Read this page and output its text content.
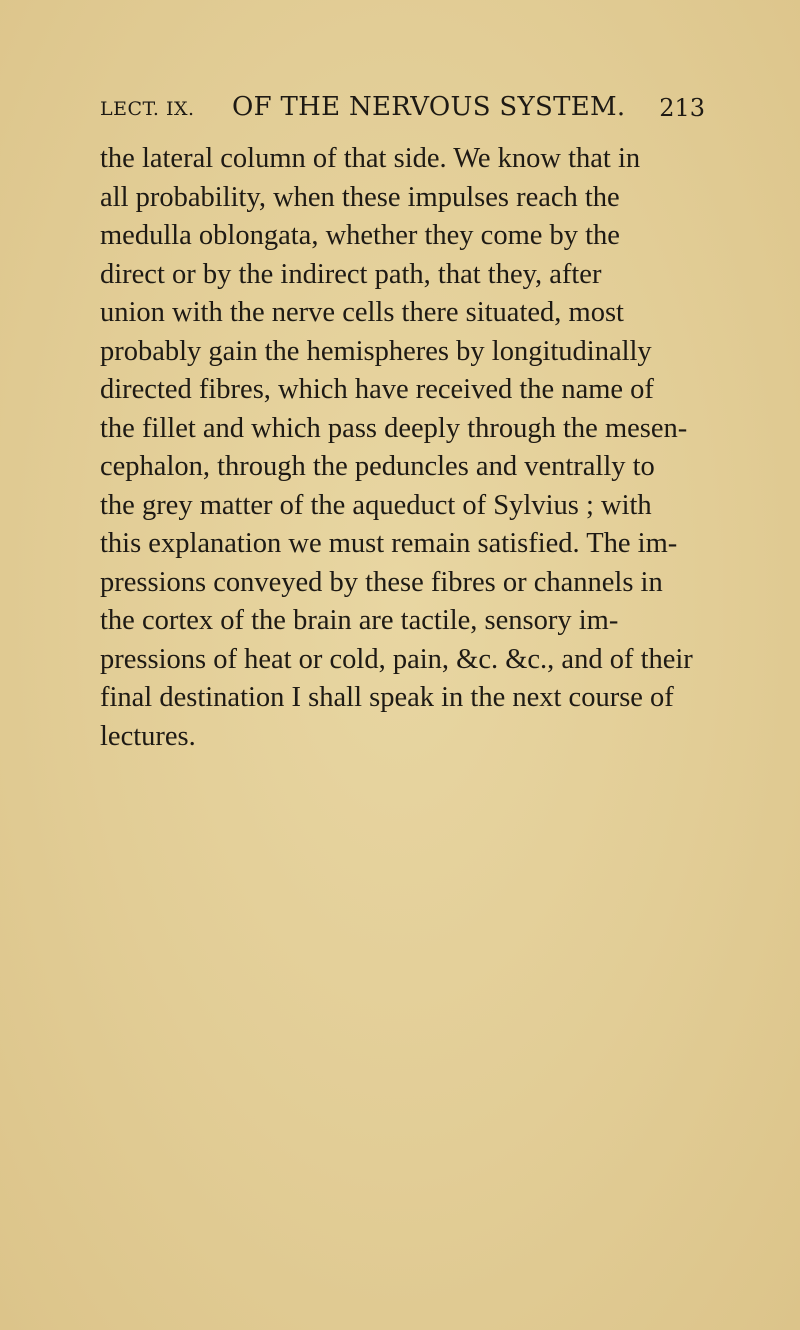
LECT. IX. OF THE NERVOUS SYSTEM. 213
the lateral column of that side. We know that in
all probability, when these impulses reach the
medulla oblongata, whether they come by the
direct or by the indirect path, that they, after
union with the nerve cells there situated, most
probably gain the hemispheres by longitudinally
directed fibres, which have received the name of
the fillet and which pass deeply through the mesen-
cephalon, through the peduncles and ventrally to
the grey matter of the aqueduct of Sylvius ; with
this explanation we must remain satisfied. The im-
pressions conveyed by these fibres or channels in
the cortex of the brain are tactile, sensory im-
pressions of heat or cold, pain, &c. &c., and of their
final destination I shall speak in the next course of
lectures.
